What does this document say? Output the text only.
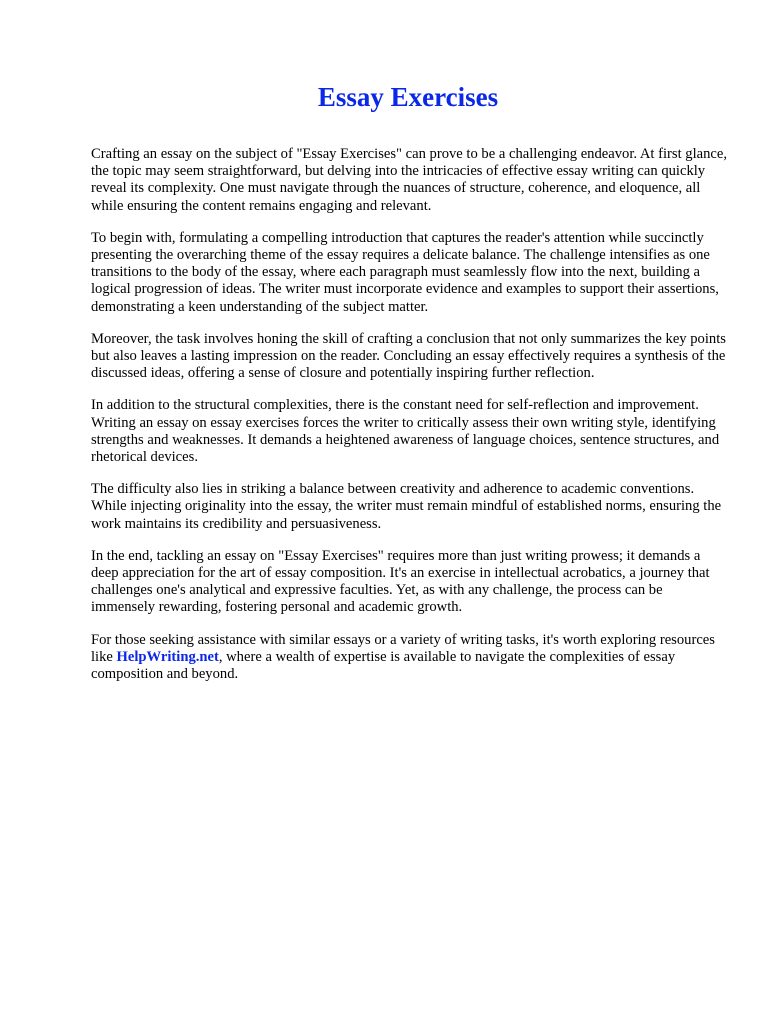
Essay Exercises

Crafting an essay on the subject of "Essay Exercises" can prove to be a challenging endeavor. At first glance, the topic may seem straightforward, but delving into the intricacies of effective essay writing can quickly reveal its complexity. One must navigate through the nuances of structure, coherence, and eloquence, all while ensuring the content remains engaging and relevant.

To begin with, formulating a compelling introduction that captures the reader's attention while succinctly presenting the overarching theme of the essay requires a delicate balance. The challenge intensifies as one transitions to the body of the essay, where each paragraph must seamlessly flow into the next, building a logical progression of ideas. The writer must incorporate evidence and examples to support their assertions, demonstrating a keen understanding of the subject matter.

Moreover, the task involves honing the skill of crafting a conclusion that not only summarizes the key points but also leaves a lasting impression on the reader. Concluding an essay effectively requires a synthesis of the discussed ideas, offering a sense of closure and potentially inspiring further reflection.

In addition to the structural complexities, there is the constant need for self-reflection and improvement. Writing an essay on essay exercises forces the writer to critically assess their own writing style, identifying strengths and weaknesses. It demands a heightened awareness of language choices, sentence structures, and rhetorical devices.

The difficulty also lies in striking a balance between creativity and adherence to academic conventions. While injecting originality into the essay, the writer must remain mindful of established norms, ensuring the work maintains its credibility and persuasiveness.

In the end, tackling an essay on "Essay Exercises" requires more than just writing prowess; it demands a deep appreciation for the art of essay composition. It's an exercise in intellectual acrobatics, a journey that challenges one's analytical and expressive faculties. Yet, as with any challenge, the process can be immensely rewarding, fostering personal and academic growth.

For those seeking assistance with similar essays or a variety of writing tasks, it's worth exploring resources like HelpWriting.net, where a wealth of expertise is available to navigate the complexities of essay composition and beyond.
